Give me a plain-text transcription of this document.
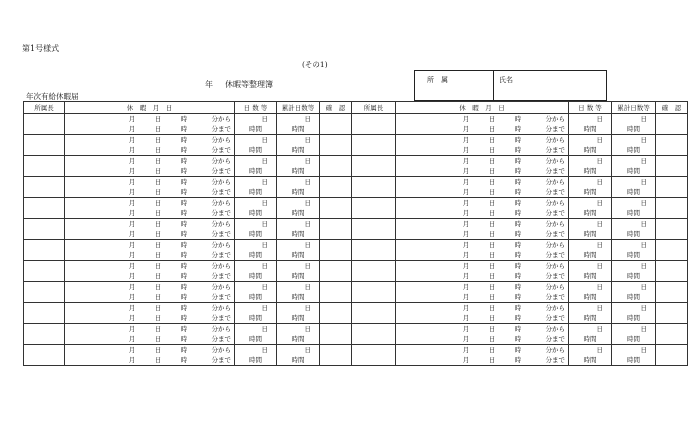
第1号様式
(その1)
年 休暇等整理簿
年次有給休暇届
所　属	氏名
所属長	休　暇　月　日	日 数 等	累計日数等	確　認	所属長	休　暇　月　日	日 数 等	累計日数等	確　認

	月 日 時 分から	日	日			月 日 時 分から	日	日	

	月 日 時 分まで	時間	時間			月 日 時 分まで	時間	時間	

	月 日 時 分から	日	日			月 日 時 分から	日	日	

	月 日 時 分まで	時間	時間			月 日 時 分まで	時間	時間	

	月 日 時 分から	日	日			月 日 時 分から	日	日	

	月 日 時 分まで	時間	時間			月 日 時 分まで	時間	時間	

	月 日 時 分から	日	日			月 日 時 分から	日	日	

	月 日 時 分まで	時間	時間			月 日 時 分まで	時間	時間	

	月 日 時 分から	日	日			月 日 時 分から	日	日	

	月 日 時 分まで	時間	時間			月 日 時 分まで	時間	時間	

	月 日 時 分から	日	日			月 日 時 分から	日	日	

	月 日 時 分まで	時間	時間			月 日 時 分まで	時間	時間	

	月 日 時 分から	日	日			月 日 時 分から	日	日	

	月 日 時 分まで	時間	時間			月 日 時 分まで	時間	時間	

	月 日 時 分から	日	日			月 日 時 分から	日	日	

	月 日 時 分まで	時間	時間			月 日 時 分まで	時間	時間	

	月 日 時 分から	日	日			月 日 時 分から	日	日	

	月 日 時 分まで	時間	時間			月 日 時 分まで	時間	時間	

	月 日 時 分から	日	日			月 日 時 分から	日	日	

	月 日 時 分まで	時間	時間			月 日 時 分まで	時間	時間	

	月 日 時 分から	日	日			月 日 時 分から	日	日	

	月 日 時 分まで	時間	時間			月 日 時 分まで	時間	時間	

	月 日 時 分から	日	日			月 日 時 分から	日	日	

	月 日 時 分まで	時間	時間			月 日 時 分まで	時間	時間	
